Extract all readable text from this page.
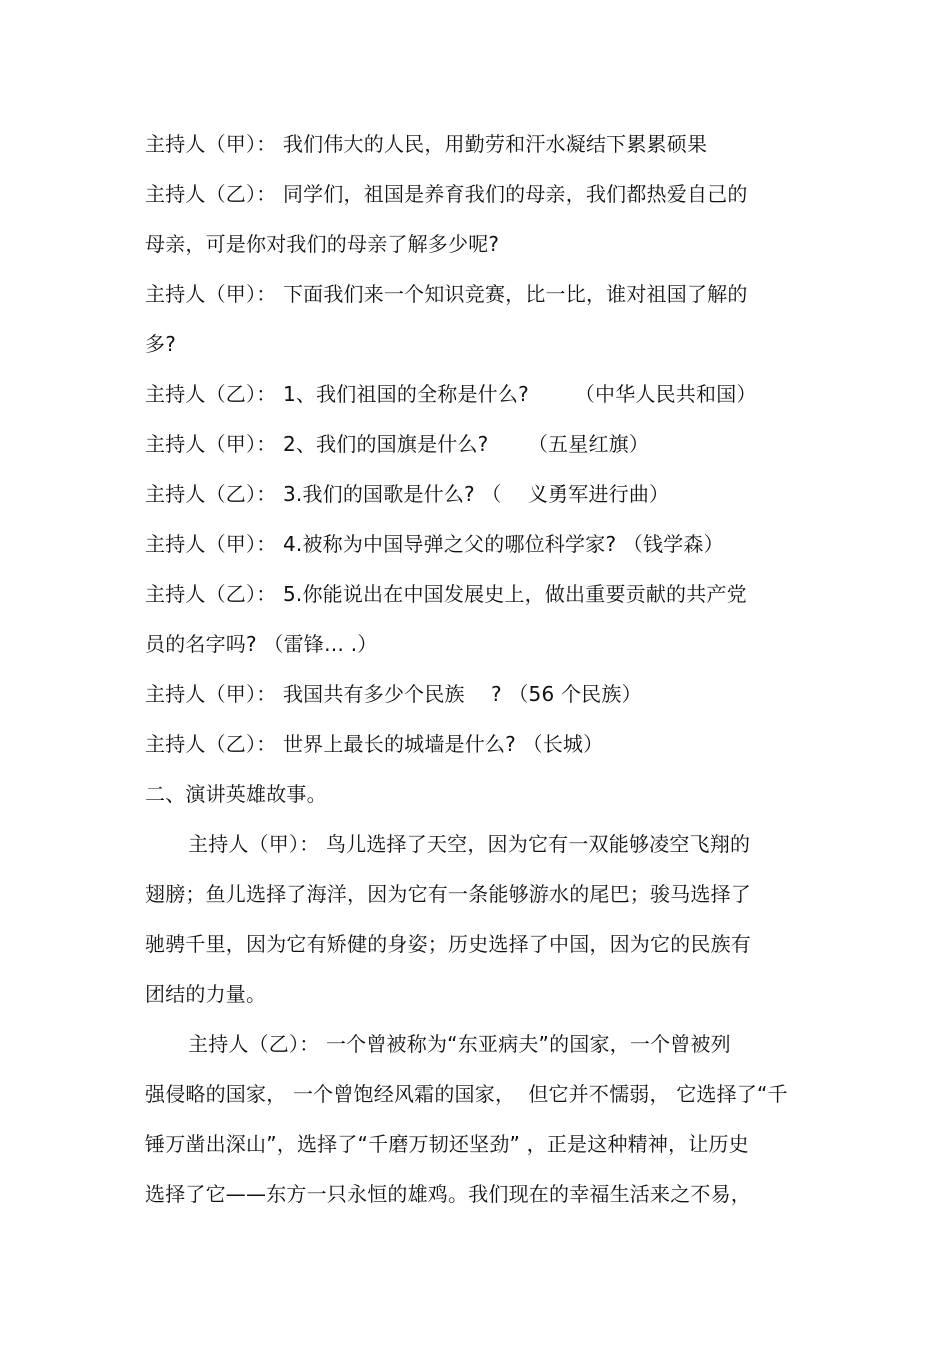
主持人（甲）： 我们伟大的人民，用勤劳和汗水凝结下累累硕果
主持人（乙）： 同学们，祖国是养育我们的母亲，我们都热爱自己的
母亲，可是你对我们的母亲了解多少呢?
主持人（甲）： 下面我们来一个知识竞赛，比一比，谁对祖国了解的
多?
主持人（乙）： 1、我们祖国的全称是什么?       （中华人民共和国）
主持人（甲）： 2、我们的国旗是什么?      （五星红旗）
主持人（乙）： 3.我们的国歌是什么? （    义勇军进行曲）
主持人（甲）： 4.被称为中国导弹之父的哪位科学家? （钱学森）
主持人（乙）： 5.你能说出在中国发展史上，做出重要贡献的共产党
员的名字吗? （雷锋… .）
主持人（甲）： 我国共有多少个民族    ? （56 个民族）
主持人（乙）： 世界上最长的城墙是什么? （长城）
二、演讲英雄故事。
主持人（甲）： 鸟儿选择了天空，因为它有一双能够凌空飞翔的
翅膀；鱼儿选择了海洋，因为它有一条能够游水的尾巴；骏马选择了
驰骋千里，因为它有矫健的身姿；历史选择了中国，因为它的民族有
团结的力量。
主持人（乙）： 一个曾被称为“东亚病夫”的国家，一个曾被列
强侵略的国家， 一个曾饱经风霜的国家，  但它并不懦弱， 它选择了“千
锤万凿出深山”，选择了“千磨万韧还坚劲” ，正是这种精神，让历史
选择了它——东方一只永恒的雄鸡。我们现在的幸福生活来之不易，
